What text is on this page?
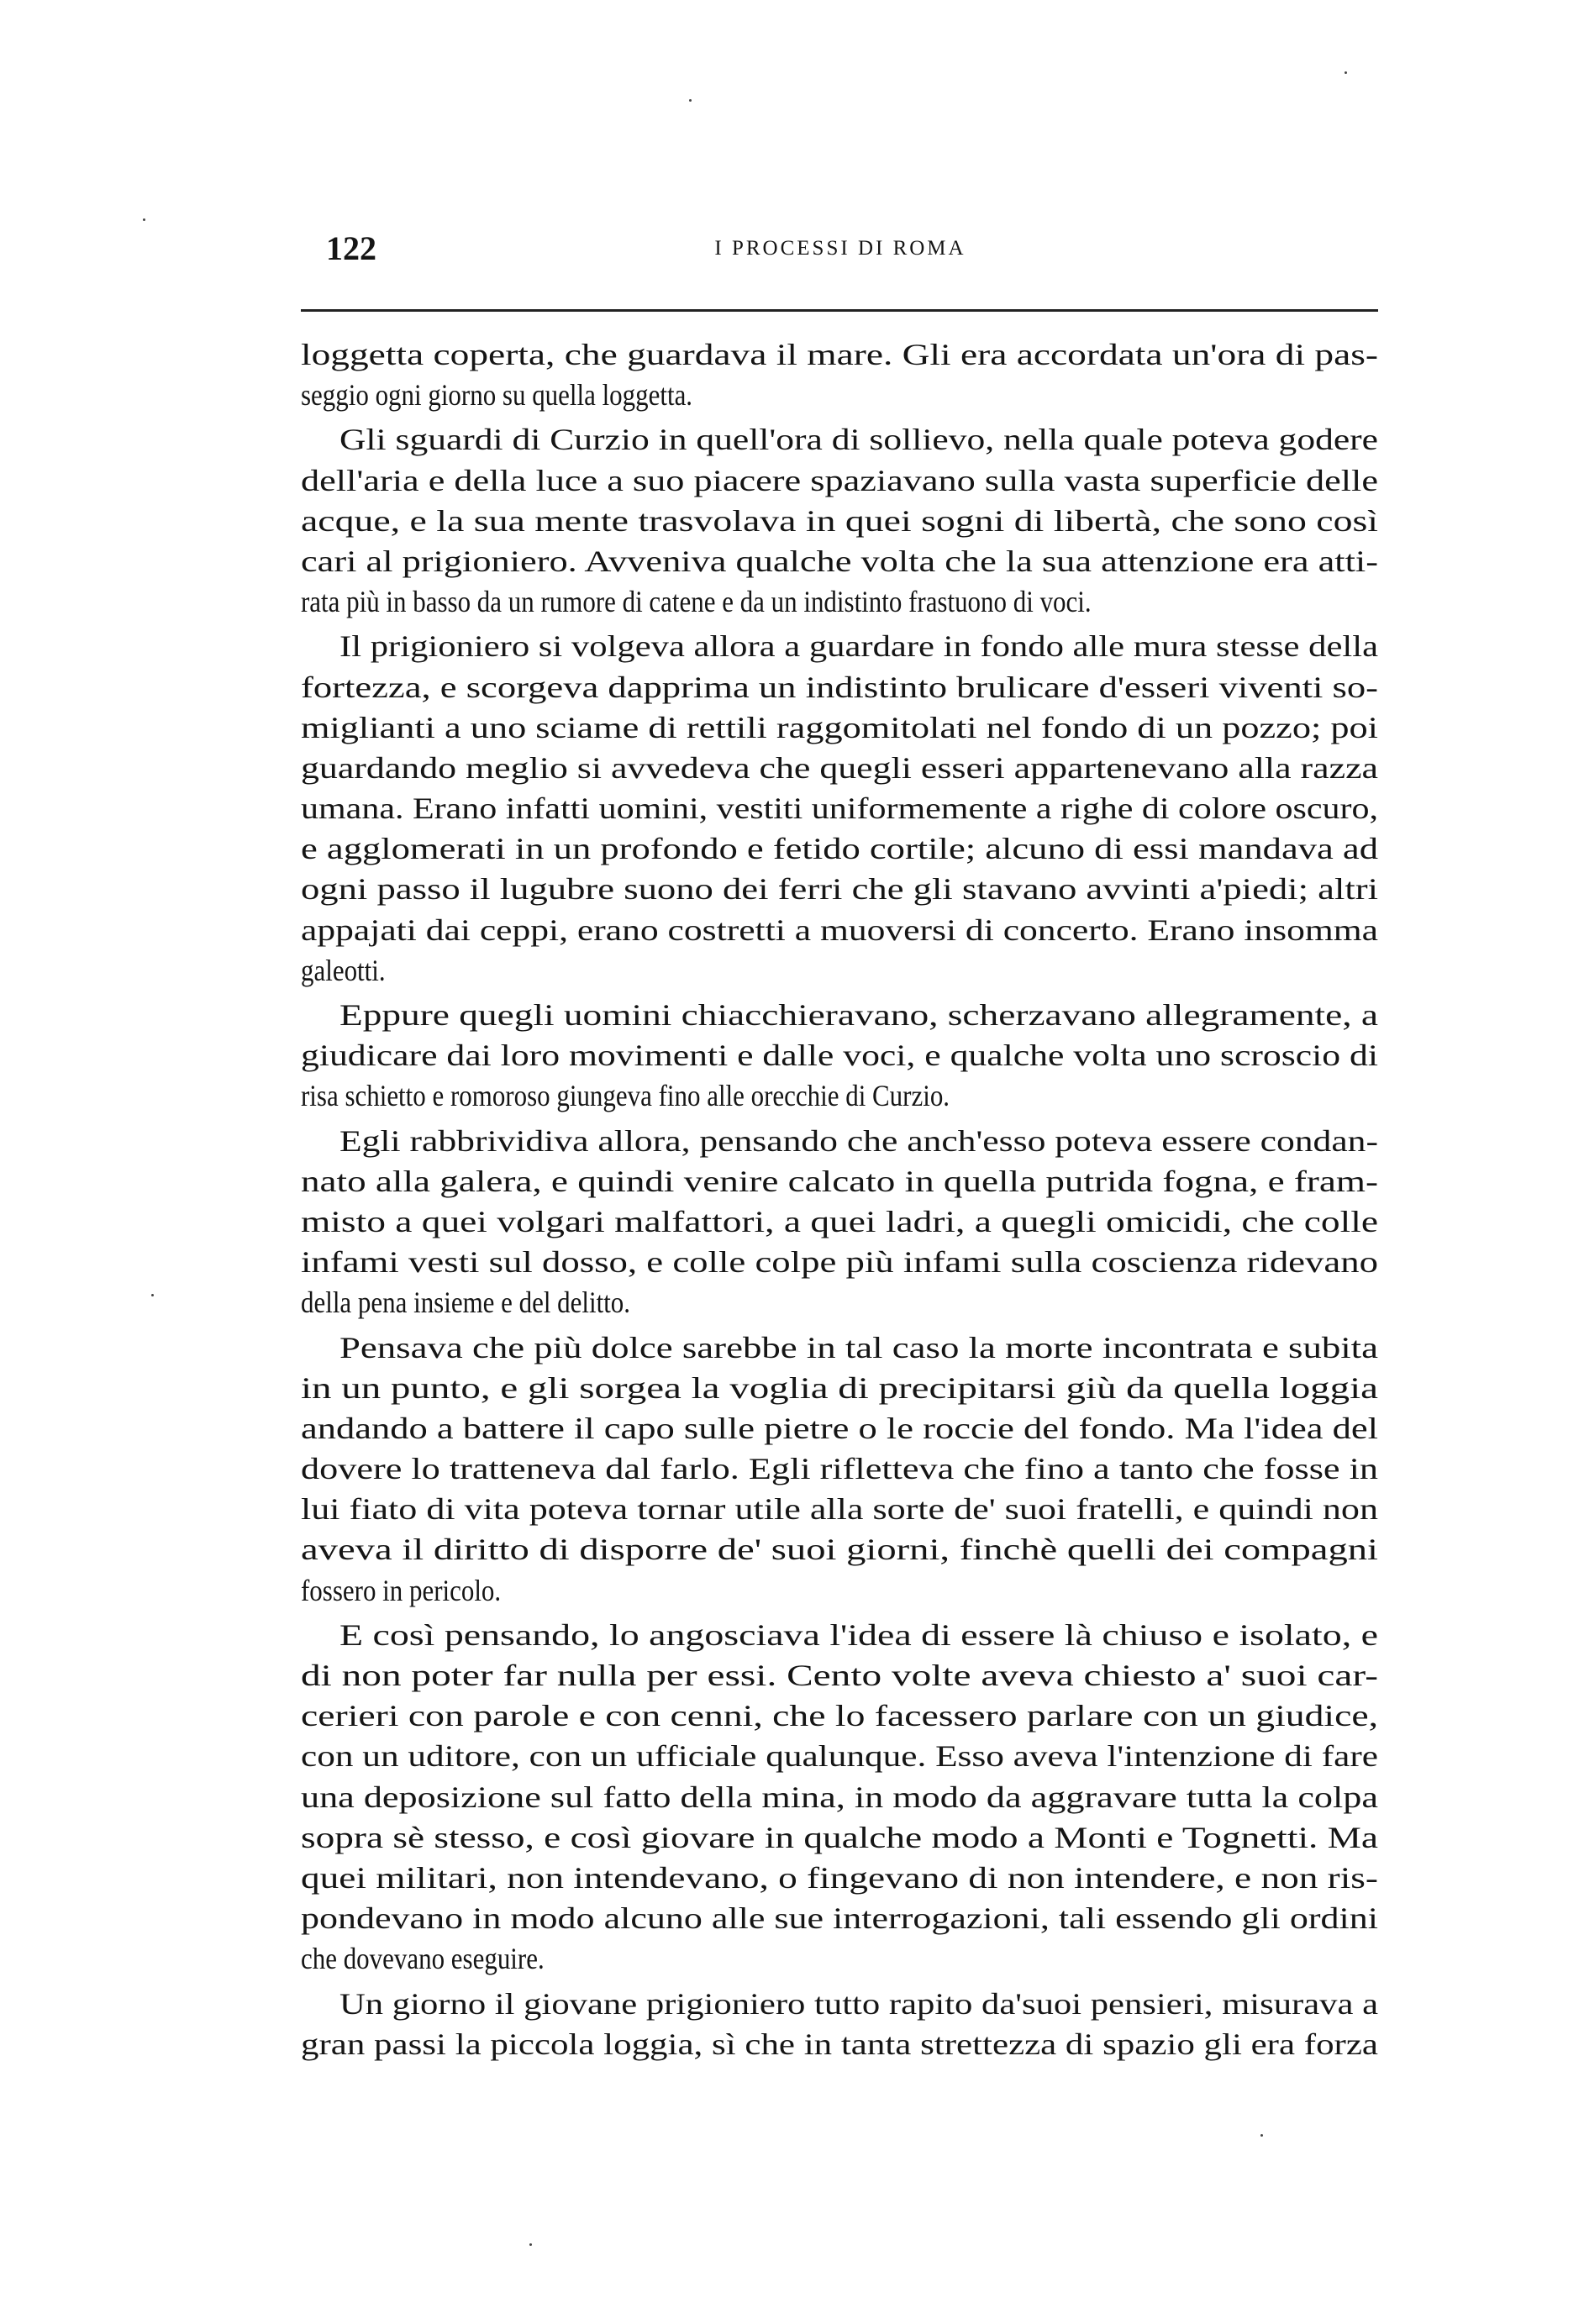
122	I PROCESSI DI ROMA
loggetta coperta, che guardava il mare. Gli era accordata un'ora di pas-
seggio ogni giorno su quella loggetta.
Gli sguardi di Curzio in quell'ora di sollievo, nella quale poteva godere
dell'aria e della luce a suo piacere spaziavano sulla vasta superficie delle
acque, e la sua mente trasvolava in quei sogni di libertà, che sono così
cari al prigioniero. Avveniva qualche volta che la sua attenzione era atti-
rata più in basso da un rumore di catene e da un indistinto frastuono di voci.
Il prigioniero si volgeva allora a guardare in fondo alle mura stesse della
fortezza, e scorgeva dapprima un indistinto brulicare d'esseri viventi so-
miglianti a uno sciame di rettili raggomitolati nel fondo di un pozzo; poi
guardando meglio si avvedeva che quegli esseri appartenevano alla razza
umana. Erano infatti uomini, vestiti uniformemente a righe di colore oscuro,
e agglomerati in un profondo e fetido cortile; alcuno di essi mandava ad
ogni passo il lugubre suono dei ferri che gli stavano avvinti a'piedi; altri
appajati dai ceppi, erano costretti a muoversi di concerto. Erano insomma
galeotti.
Eppure quegli uomini chiacchieravano, scherzavano allegramente, a
giudicare dai loro movimenti e dalle voci, e qualche volta uno scroscio di
risa schietto e romoroso giungeva fino alle orecchie di Curzio.
Egli rabbrividiva allora, pensando che anch'esso poteva essere condan-
nato alla galera, e quindi venire calcato in quella putrida fogna, e fram-
misto a quei volgari malfattori, a quei ladri, a quegli omicidi, che colle
infami vesti sul dosso, e colle colpe più infami sulla coscienza ridevano
della pena insieme e del delitto.
Pensava che più dolce sarebbe in tal caso la morte incontrata e subita
in un punto, e gli sorgea la voglia di precipitarsi giù da quella loggia
andando a battere il capo sulle pietre o le roccie del fondo. Ma l'idea del
dovere lo tratteneva dal farlo. Egli rifletteva che fino a tanto che fosse in
lui fiato di vita poteva tornar utile alla sorte de' suoi fratelli, e quindi non
aveva il diritto di disporre de' suoi giorni, finchè quelli dei compagni
fossero in pericolo.
E così pensando, lo angosciava l'idea di essere là chiuso e isolato, e
di non poter far nulla per essi. Cento volte aveva chiesto a' suoi car-
cerieri con parole e con cenni, che lo facessero parlare con un giudice,
con un uditore, con un ufficiale qualunque. Esso aveva l'intenzione di fare
una deposizione sul fatto della mina, in modo da aggravare tutta la colpa
sopra sè stesso, e così giovare in qualche modo a Monti e Tognetti. Ma
quei militari, non intendevano, o fingevano di non intendere, e non ris-
pondevano in modo alcuno alle sue interrogazioni, tali essendo gli ordini
che dovevano eseguire.
Un giorno il giovane prigioniero tutto rapito da'suoi pensieri, misurava a
gran passi la piccola loggia, sì che in tanta strettezza di spazio gli era forza
